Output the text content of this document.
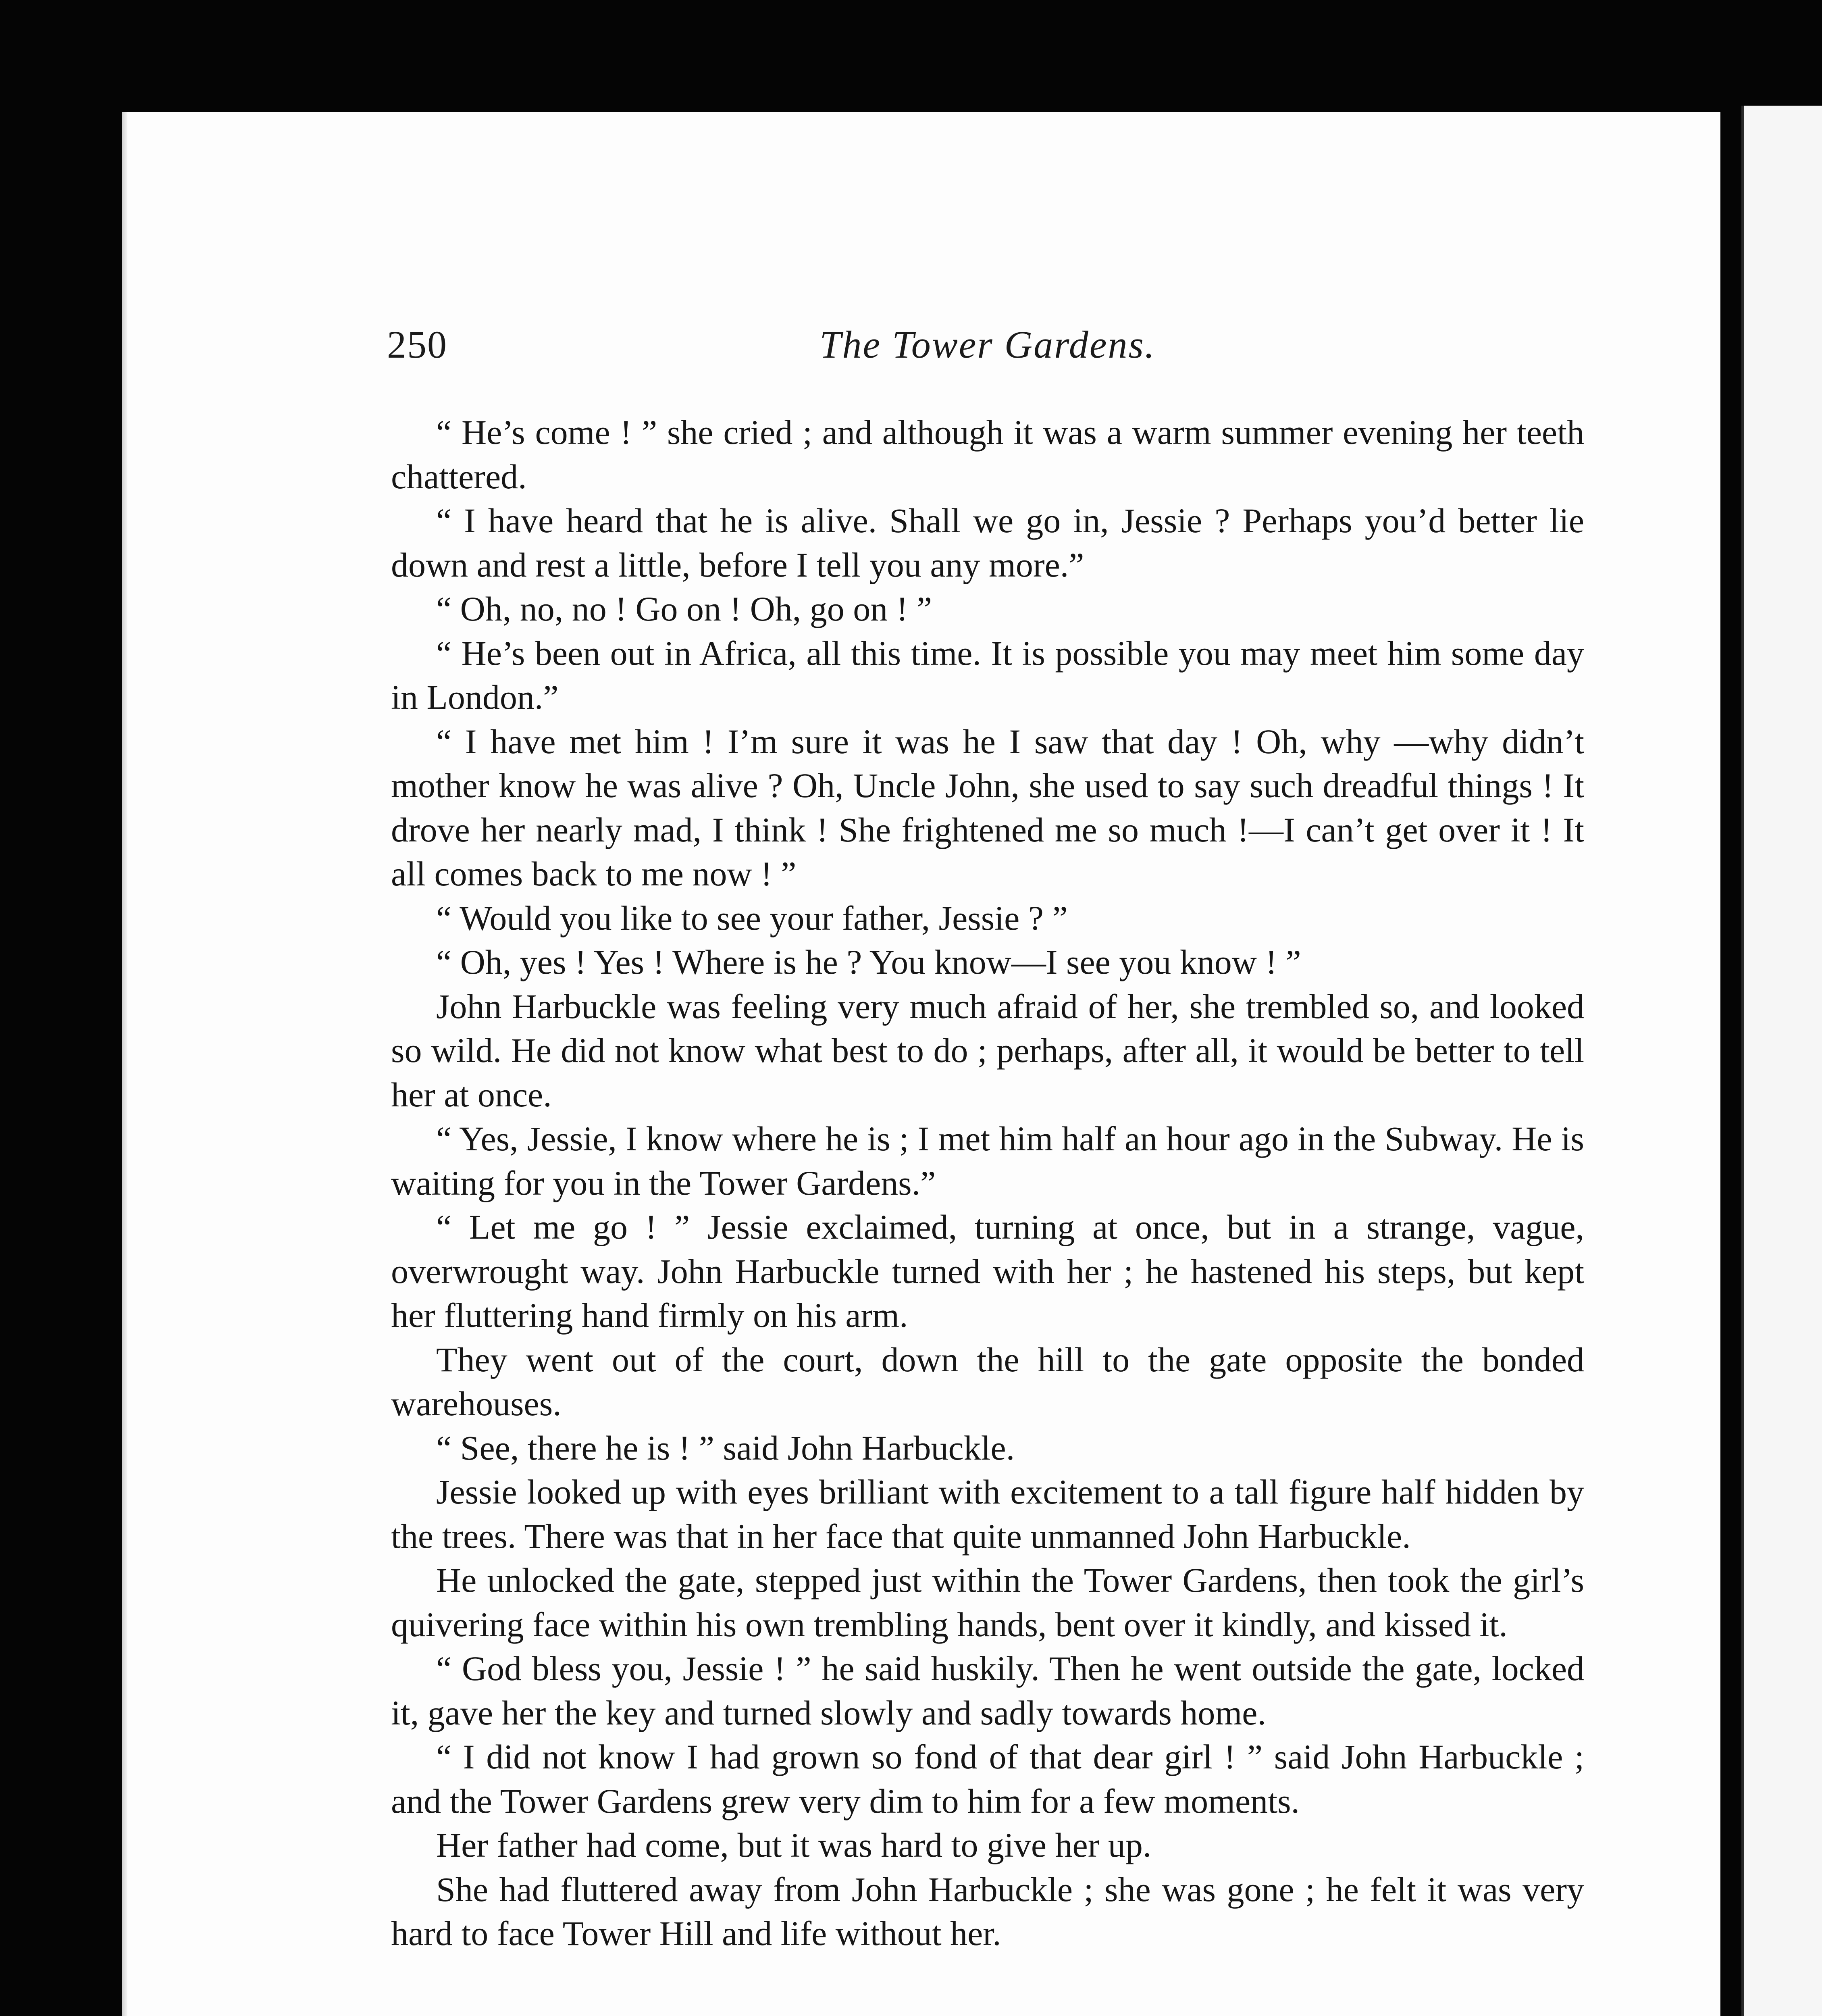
250	The Tower Gardens.

“ He’s come ! ” she cried ; and although it was a warm summer evening her teeth chattered.

“ I have heard that he is alive. Shall we go in, Jessie ? Perhaps you’d better lie down and rest a little, before I tell you any more.”

“ Oh, no, no ! Go on ! Oh, go on ! ”

“ He’s been out in Africa, all this time. It is possible you may meet him some day in London.”

“ I have met him ! I’m sure it was he I saw that day ! Oh, why —why didn’t mother know he was alive ? Oh, Uncle John, she used to say such dreadful things ! It drove her nearly mad, I think ! She frightened me so much !—I can’t get over it ! It all comes back to me now ! ”

“ Would you like to see your father, Jessie ? ”

“ Oh, yes ! Yes ! Where is he ? You know—I see you know ! ”

John Harbuckle was feeling very much afraid of her, she trembled so, and looked so wild. He did not know what best to do ; perhaps, after all, it would be better to tell her at once.

“ Yes, Jessie, I know where he is ; I met him half an hour ago in the Subway. He is waiting for you in the Tower Gardens.”

“ Let me go ! ” Jessie exclaimed, turning at once, but in a strange, vague, overwrought way. John Harbuckle turned with her ; he hastened his steps, but kept her fluttering hand firmly on his arm.

They went out of the court, down the hill to the gate opposite the bonded warehouses.

“ See, there he is ! ” said John Harbuckle.

Jessie looked up with eyes brilliant with excitement to a tall figure half hidden by the trees. There was that in her face that quite unmanned John Harbuckle.

He unlocked the gate, stepped just within the Tower Gardens, then took the girl’s quivering face within his own trembling hands, bent over it kindly, and kissed it.

“ God bless you, Jessie ! ” he said huskily. Then he went outside the gate, locked it, gave her the key and turned slowly and sadly towards home.

“ I did not know I had grown so fond of that dear girl ! ” said John Harbuckle ; and the Tower Gardens grew very dim to him for a few moments.

Her father had come, but it was hard to give her up.

She had fluttered away from John Harbuckle ; she was gone ; he felt it was very hard to face Tower Hill and life without her.
